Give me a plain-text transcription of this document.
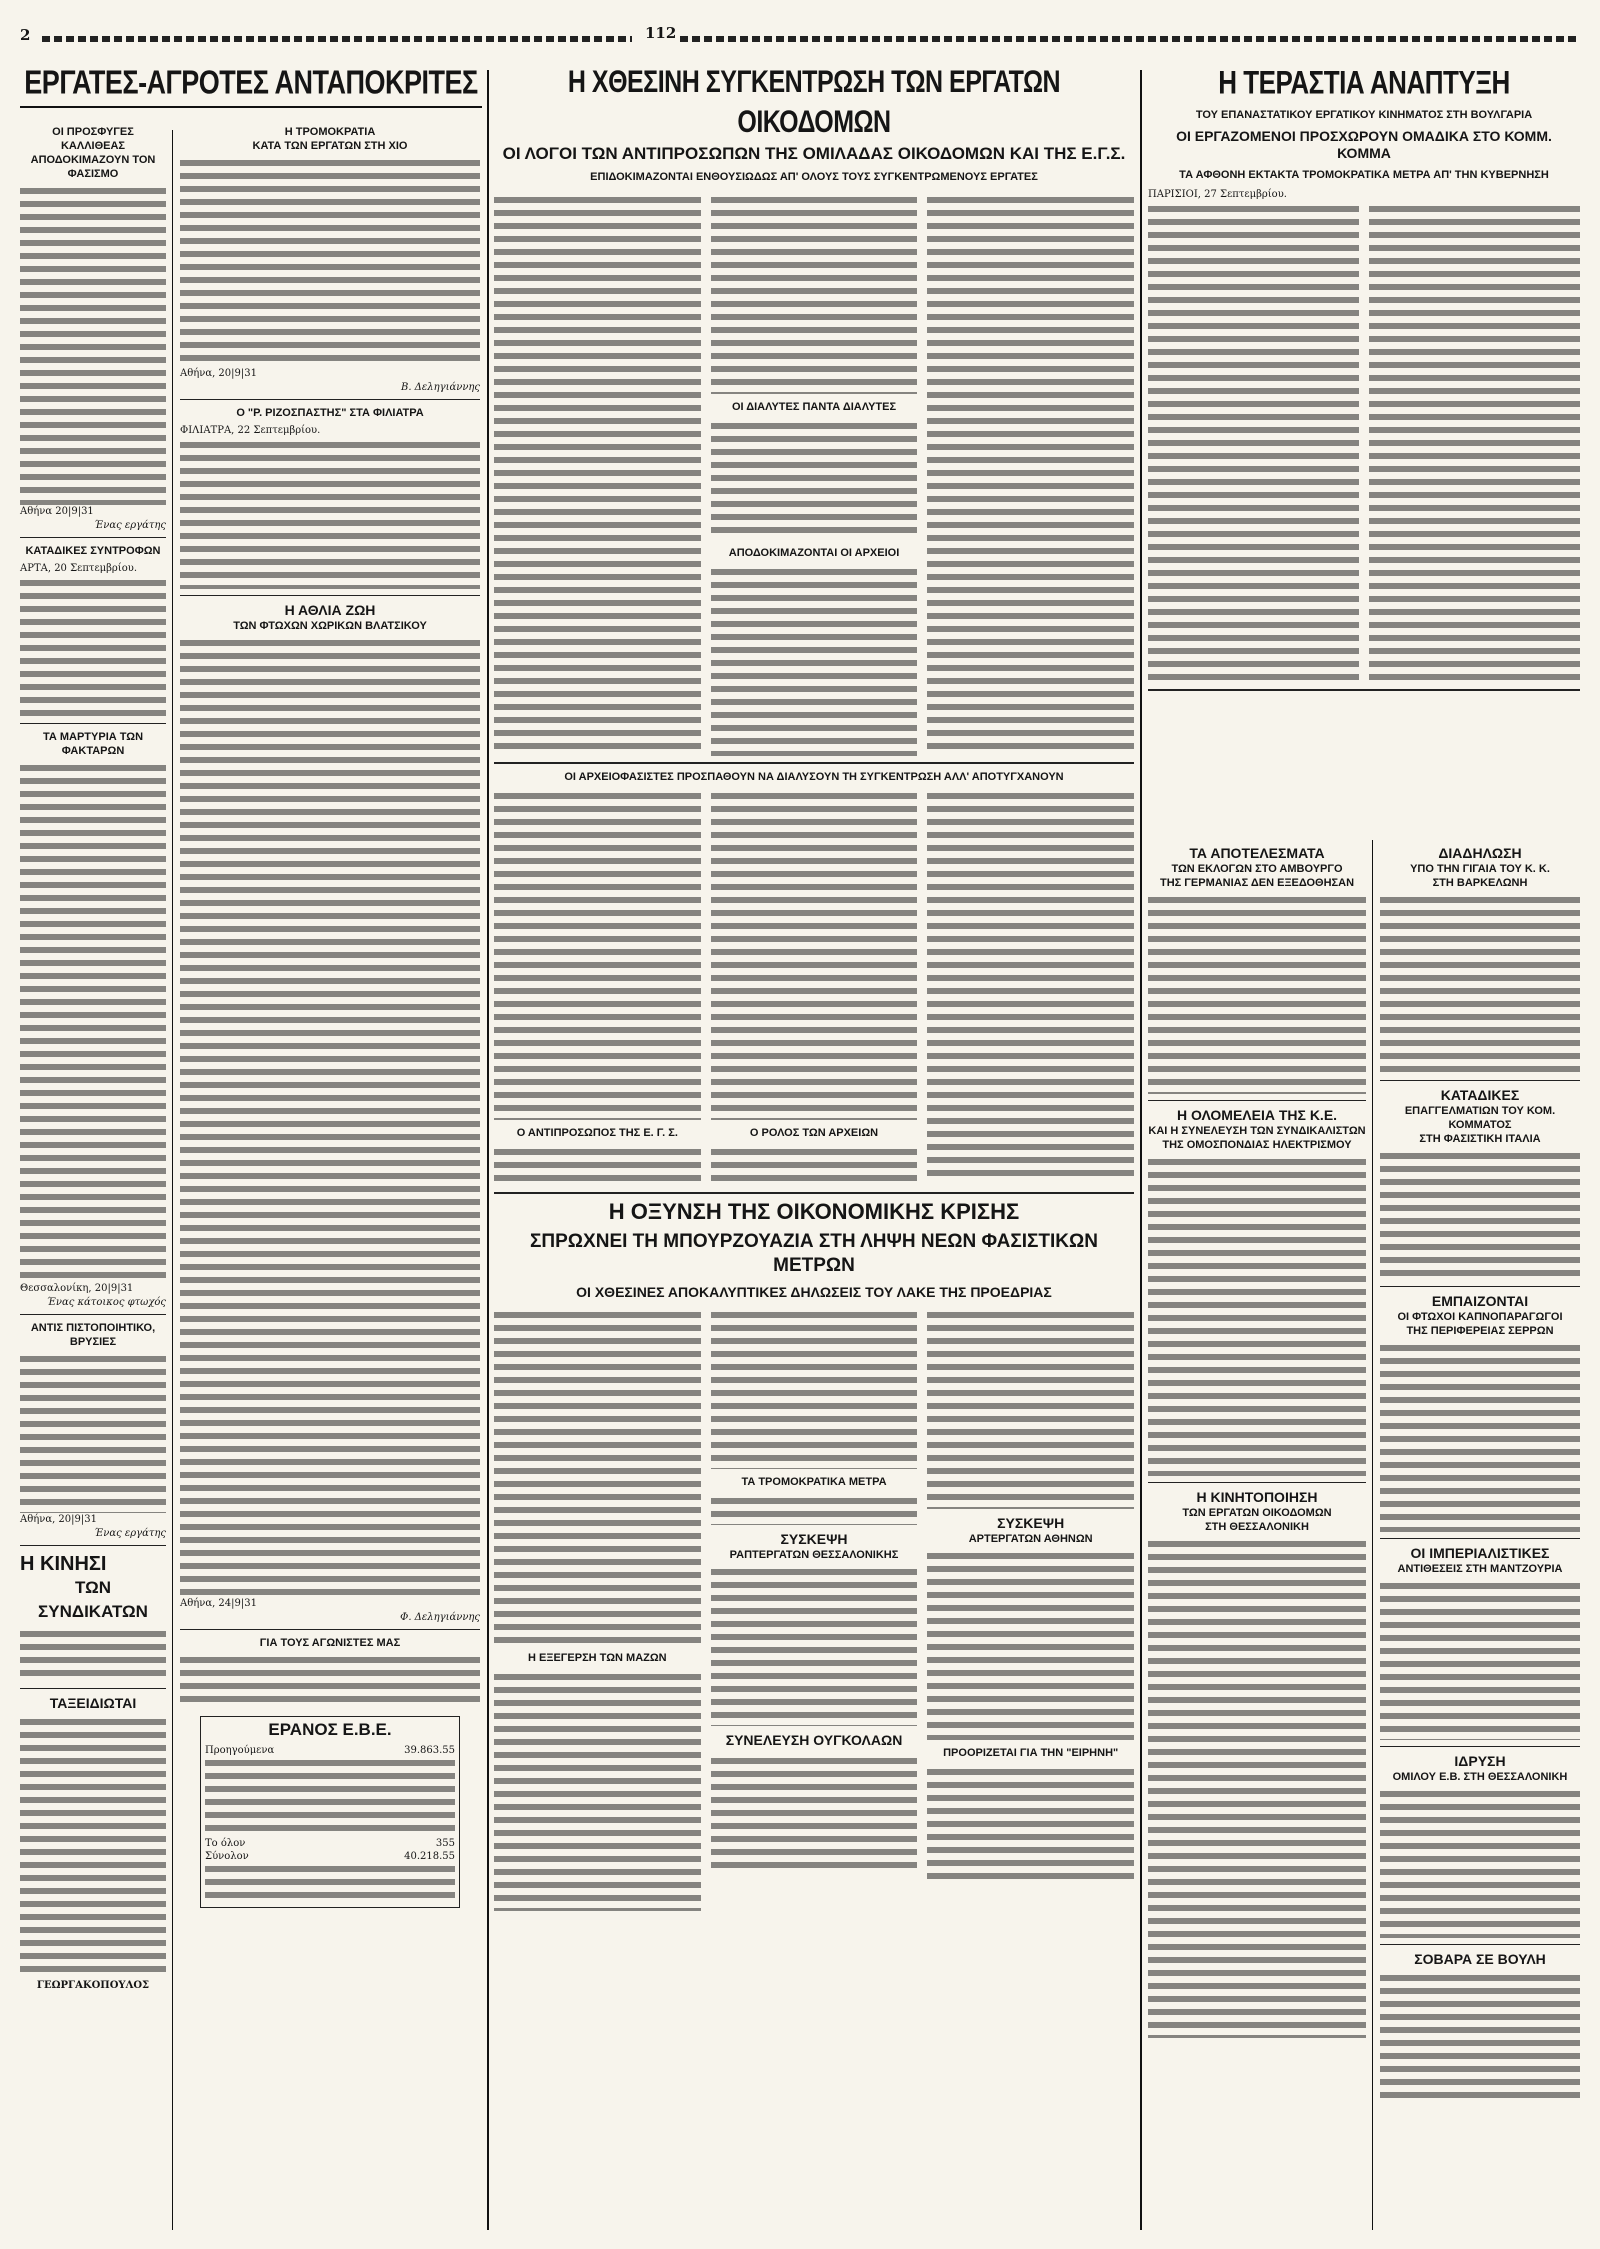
2	112
ΕΡΓΑΤΕΣ-ΑΓΡΟΤΕΣ ΑΝΤΑΠΟΚΡΙΤΕΣ

ΟΙ ΠΡΟΣΦΥΓΕΣ ΚΑΛΛΙΘΕΑΣ

ΑΠΟΔΟΚΙΜΑΖΟΥΝ ΤΟΝ ΦΑΣΙΣΜΟ

Αθήνα 20|9|31

Ένας εργάτης

ΚΑΤΑΔΙΚΕΣ ΣΥΝΤΡΟΦΩΝ

ΑΡΤΑ, 20 Σεπτεμβρίου.

ΤΑ ΜΑΡΤΥΡΙΑ ΤΩΝ ΦΑΚΤΑΡΩΝ

Θεσσαλονίκη, 20|9|31

Ένας κάτοικος φτωχός

ΑΝΤΙΣ ΠΙΣΤΟΠΟΙΗΤΙΚΟ, ΒΡΥΣΙΕΣ

Αθήνα, 20|9|31

Ένας εργάτης

Η ΚΙΝΗΣΙ

ΤΩΝ ΣΥΝΔΙΚΑΤΩΝ

ΤΑΞΕΙΔΙΩΤΑΙ

ΓΕΩΡΓΑΚΟΠΟΥΛΟΣ

Η ΤΡΟΜΟΚΡΑΤΙΑ

ΚΑΤΑ ΤΩΝ ΕΡΓΑΤΩΝ ΣΤΗ ΧΙΟ

Αθήνα, 20|9|31

Β. Δεληγιάννης

Ο "Ρ. ΡΙΖΟΣΠΑΣΤΗΣ" ΣΤΑ ΦΙΛΙΑΤΡΑ

ΦΙΛΙΑΤΡΑ, 22 Σεπτεμβρίου.

Η ΑΘΛΙΑ ΖΩΗ

ΤΩΝ ΦΤΩΧΩΝ ΧΩΡΙΚΩΝ ΒΛΑΤΣΙΚΟΥ

Αθήνα, 24|9|31

Φ. Δεληγιάννης

ΓΙΑ ΤΟΥΣ ΑΓΩΝΙΣΤΕΣ ΜΑΣ

ΕΡΑΝΟΣ Ε.Β.Ε.

Προηγούμενα	39.863.55
Το όλον	355
Σύνολον	40.218.55
Η ΧΘΕΣΙΝΗ ΣΥΓΚΕΝΤΡΩΣΗ ΤΩΝ ΕΡΓΑΤΩΝ ΟΙΚΟΔΟΜΩΝ

ΟΙ ΛΟΓΟΙ ΤΩΝ ΑΝΤΙΠΡΟΣΩΠΩΝ ΤΗΣ ΟΜΙΛΑΔΑΣ ΟΙΚΟΔΟΜΩΝ ΚΑΙ ΤΗΣ Ε.Γ.Σ.

ΕΠΙΔΟΚΙΜΑΖΟΝΤΑΙ ΕΝΘΟΥΣΙΩΔΩΣ ΑΠ' ΟΛΟΥΣ ΤΟΥΣ ΣΥΓΚΕΝΤΡΩΜΕΝΟΥΣ ΕΡΓΑΤΕΣ

ΟΙ ΔΙΑΛΥΤΕΣ ΠΑΝΤΑ ΔΙΑΛΥΤΕΣ

ΑΠΟΔΟΚΙΜΑΖΟΝΤΑΙ ΟΙ ΑΡΧΕΙΟΙ

ΟΙ ΑΡΧΕΙΟΦΑΣΙΣΤΕΣ ΠΡΟΣΠΑΘΟΥΝ ΝΑ ΔΙΑΛΥΣΟΥΝ ΤΗ ΣΥΓΚΕΝΤΡΩΣΗ ΑΛΛ' ΑΠΟΤΥΓΧΑΝΟΥΝ

Ο ΑΝΤΙΠΡΟΣΩΠΟΣ ΤΗΣ Ε. Γ. Σ.	Ο ΡΟΛΟΣ ΤΩΝ ΑΡΧΕΙΩΝ

Η ΟΞΥΝΣΗ ΤΗΣ ΟΙΚΟΝΟΜΙΚΗΣ ΚΡΙΣΗΣ

ΣΠΡΩΧΝΕΙ ΤΗ ΜΠΟΥΡΖΟΥΑΖΙΑ ΣΤΗ ΛΗΨΗ ΝΕΩΝ ΦΑΣΙΣΤΙΚΩΝ ΜΕΤΡΩΝ

ΟΙ ΧΘΕΣΙΝΕΣ ΑΠΟΚΑΛΥΠΤΙΚΕΣ ΔΗΛΩΣΕΙΣ ΤΟΥ ΛΑΚΕ ΤΗΣ ΠΡΟΕΔΡΙΑΣ

Η ΕΞΕΓΕΡΣΗ ΤΩΝ ΜΑΖΩΝ

ΤΑ ΤΡΟΜΟΚΡΑΤΙΚΑ ΜΕΤΡΑ

ΣΥΣΚΕΨΗ

ΡΑΠΤΕΡΓΑΤΩΝ ΘΕΣΣΑΛΟΝΙΚΗΣ

ΣΥΝΕΛΕΥΣΗ ΟΥΓΚΟΛΑΩΝ

ΣΥΣΚΕΨΗ

ΑΡΤΕΡΓΑΤΩΝ ΑΘΗΝΩΝ

ΠΡΟΟΡΙΖΕΤΑΙ ΓΙΑ ΤΗΝ "ΕΙΡΗΝΗ"

Η ΤΕΡΑΣΤΙΑ ΑΝΑΠΤΥΞΗ

ΤΟΥ ΕΠΑΝΑΣΤΑΤΙΚΟΥ ΕΡΓΑΤΙΚΟΥ ΚΙΝΗΜΑΤΟΣ ΣΤΗ ΒΟΥΛΓΑΡΙΑ

ΟΙ ΕΡΓΑΖΟΜΕΝΟΙ ΠΡΟΣΧΩΡΟΥΝ ΟΜΑΔΙΚΑ ΣΤΟ ΚΟΜΜ. ΚΟΜΜΑ

ΤΑ ΑΦΘΟΝΗ ΕΚΤΑΚΤΑ ΤΡΟΜΟΚΡΑΤΙΚΑ ΜΕΤΡΑ ΑΠ' ΤΗΝ ΚΥΒΕΡΝΗΣΗ

ΠΑΡΙΣΙΟΙ, 27 Σεπτεμβρίου.

ΤΑ ΑΠΟΤΕΛΕΣΜΑΤΑ

ΤΩΝ ΕΚΛΟΓΩΝ ΣΤΟ ΑΜΒΟΥΡΓΟ

ΤΗΣ ΓΕΡΜΑΝΙΑΣ ΔΕΝ ΕΞΕΔΟΘΗΣΑΝ

Η ΟΛΟΜΕΛΕΙΑ ΤΗΣ Κ.Ε.

ΚΑΙ Η ΣΥΝΕΛΕΥΣΗ ΤΩΝ ΣΥΝΔΙΚΑΛΙΣΤΩΝ

ΤΗΣ ΟΜΟΣΠΟΝΔΙΑΣ ΗΛΕΚΤΡΙΣΜΟΥ

Η ΚΙΝΗΤΟΠΟΙΗΣΗ

ΤΩΝ ΕΡΓΑΤΩΝ ΟΙΚΟΔΟΜΩΝ

ΣΤΗ ΘΕΣΣΑΛΟΝΙΚΗ

ΔΙΑΔΗΛΩΣΗ

ΥΠΟ ΤΗΝ ΓΙΓΑΙΑ ΤΟΥ Κ. Κ.

ΣΤΗ ΒΑΡΚΕΛΩΝΗ

ΚΑΤΑΔΙΚΕΣ

ΕΠΑΓΓΕΛΜΑΤΙΩΝ ΤΟΥ ΚΟΜ. ΚΟΜΜΑΤΟΣ

ΣΤΗ ΦΑΣΙΣΤΙΚΗ ΙΤΑΛΙΑ

ΕΜΠΑΙΖΟΝΤΑΙ

ΟΙ ΦΤΩΧΟΙ ΚΑΠΝΟΠΑΡΑΓΩΓΟΙ

ΤΗΣ ΠΕΡΙΦΕΡΕΙΑΣ ΣΕΡΡΩΝ

ΟΙ ΙΜΠΕΡΙΑΛΙΣΤΙΚΕΣ

ΑΝΤΙΘΕΣΕΙΣ ΣΤΗ ΜΑΝΤΖΟΥΡΙΑ

ΙΔΡΥΣΗ

ΟΜΙΛΟΥ Ε.Β. ΣΤΗ ΘΕΣΣΑΛΟΝΙΚΗ

ΣΟΒΑΡΑ ΣΕ ΒΟΥΛΗ
